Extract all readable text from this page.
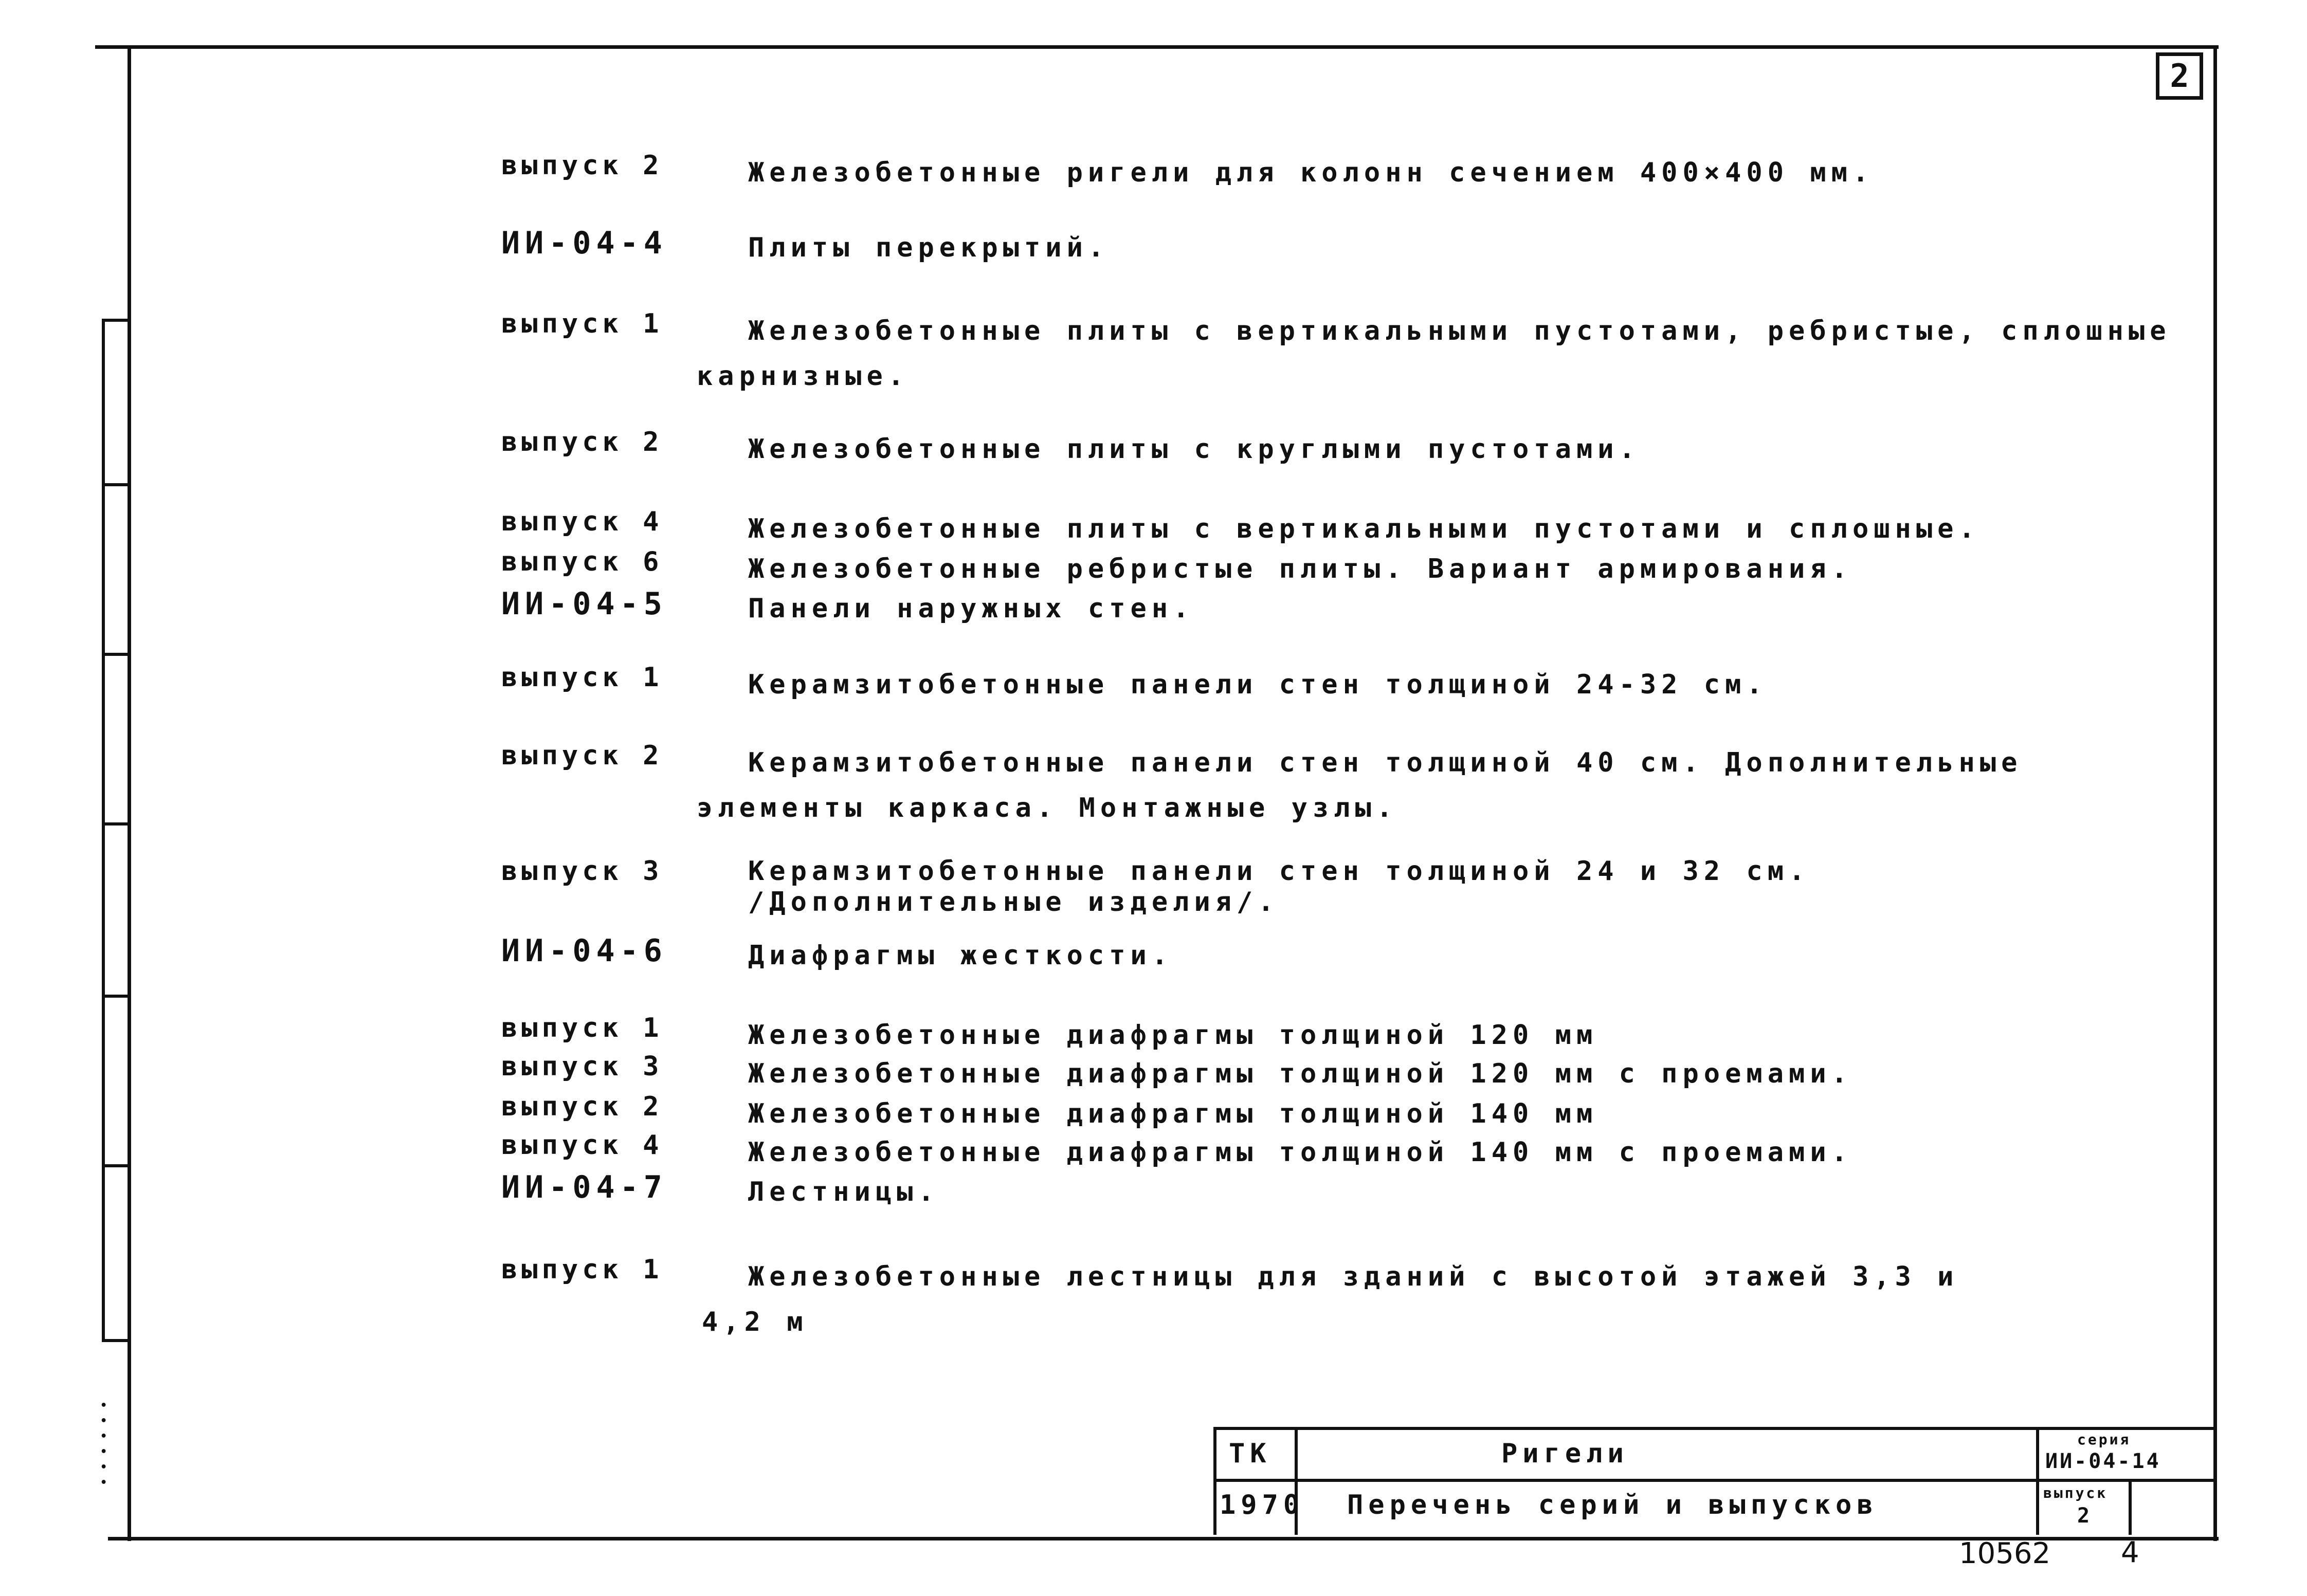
•
•
•
•
•
•
2
выпуск 2	Железобетонные ригели для колонн сечением 400×400 мм.
ИИ-04-4	Плиты перекрытий.
выпуск 1	Железобетонные плиты с вертикальными пустотами, ребристые, сплошные
карнизные.
выпуск 2	Железобетонные плиты с круглыми пустотами.
выпуск 4	Железобетонные плиты с вертикальными пустотами и сплошные.
выпуск 6	Железобетонные ребристые плиты. Вариант армирования.
ИИ-04-5	Панели наружных стен.
выпуск 1	Керамзитобетонные панели стен толщиной 24-32 см.
выпуск 2	Керамзитобетонные панели стен толщиной 40 см. Дополнительные
элементы каркаса. Монтажные узлы.
выпуск 3	Керамзитобетонные панели стен толщиной 24 и 32 см.
/Дополнительные изделия/.
ИИ-04-6	Диафрагмы жесткости.
выпуск 1	Железобетонные диафрагмы толщиной 120 мм
выпуск 3	Железобетонные диафрагмы толщиной 120 мм с проемами.
выпуск 2	Железобетонные диафрагмы толщиной 140 мм
выпуск 4	Железобетонные диафрагмы толщиной 140 мм с проемами.
ИИ-04-7	Лестницы.
выпуск 1	Железобетонные лестницы для зданий с высотой этажей 3,3 и
4,2 м
ТК
1970
Ригели
Перечень серий и выпусков
серия
ИИ-04-14
выпуск
2
10562 4
